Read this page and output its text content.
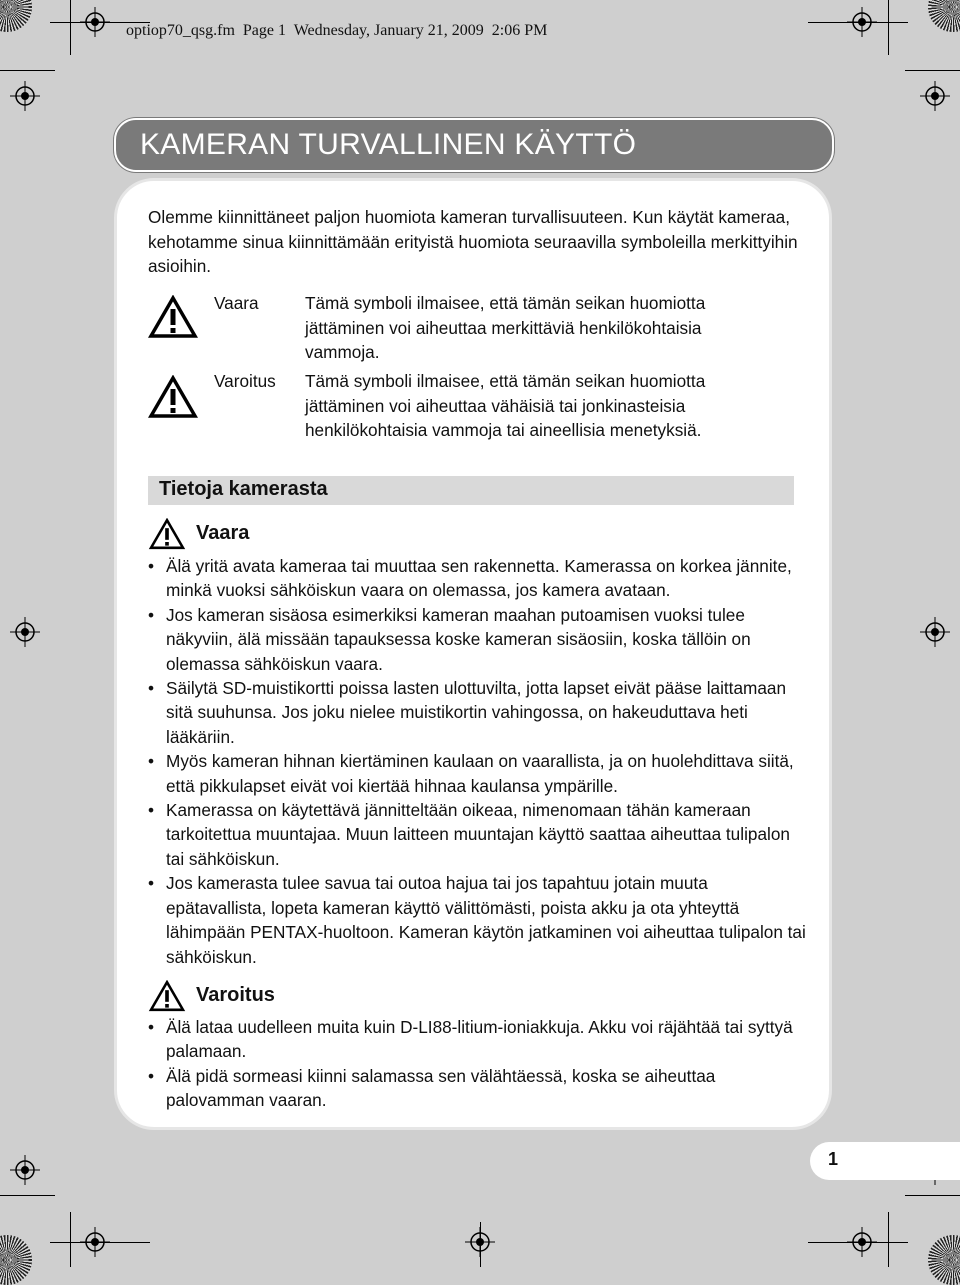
optiop70_qsg.fm  Page 1  Wednesday, January 21, 2009  2:06 PM
KAMERAN TURVALLINEN KÄYTTÖ

Olemme kiinnittäneet paljon huomiota kameran turvallisuuteen. Kun käytät kameraa, kehotamme sinua kiinnittämään erityistä huomiota seuraavilla symboleilla merkittyihin asioihin.

Vaara	Tämä symboli ilmaisee, että tämän seikan huomiotta jättäminen voi aiheuttaa merkittäviä henkilökohtaisia vammoja.
Varoitus Tämä symboli ilmaisee, että tämän seikan huomiotta jättäminen voi aiheuttaa vähäisiä tai jonkinasteisia henkilökohtaisia vammoja tai aineellisia menetyksiä.
Tietoja kamerasta
Vaara
• Älä yritä avata kameraa tai muuttaa sen rakennetta. Kamerassa on korkea jännite, minkä vuoksi sähköiskun vaara on olemassa, jos kamera avataan.
• Jos kameran sisäosa esimerkiksi kameran maahan putoamisen vuoksi tulee näkyviin, älä missään tapauksessa koske kameran sisäosiin, koska tällöin on olemassa sähköiskun vaara.
• Säilytä SD-muistikortti poissa lasten ulottuvilta, jotta lapset eivät pääse laittamaan sitä suuhunsa. Jos joku nielee muistikortin vahingossa, on hakeuduttava heti lääkäriin.
• Myös kameran hihnan kiertäminen kaulaan on vaarallista, ja on huolehdittava siitä, että pikkulapset eivät voi kiertää hihnaa kaulansa ympärille.
• Kamerassa on käytettävä jännitteltään oikeaa, nimenomaan tähän kameraan tarkoitettua muuntajaa. Muun laitteen muuntajan käyttö saattaa aiheuttaa tulipalon tai sähköiskun.
• Jos kamerasta tulee savua tai outoa hajua tai jos tapahtuu jotain muuta epätavallista, lopeta kameran käyttö välittömästi, poista akku ja ota yhteyttä lähimpään PENTAX-huoltoon. Kameran käytön jatkaminen voi aiheuttaa tulipalon tai sähköiskun.
Varoitus
• Älä lataa uudelleen muita kuin D-LI88-litium-ioniakkuja. Akku voi räjähtää tai syttyä palamaan.
• Älä pidä sormeasi kiinni salamassa sen välähtäessä, koska se aiheuttaa palovamman vaaran.
1
